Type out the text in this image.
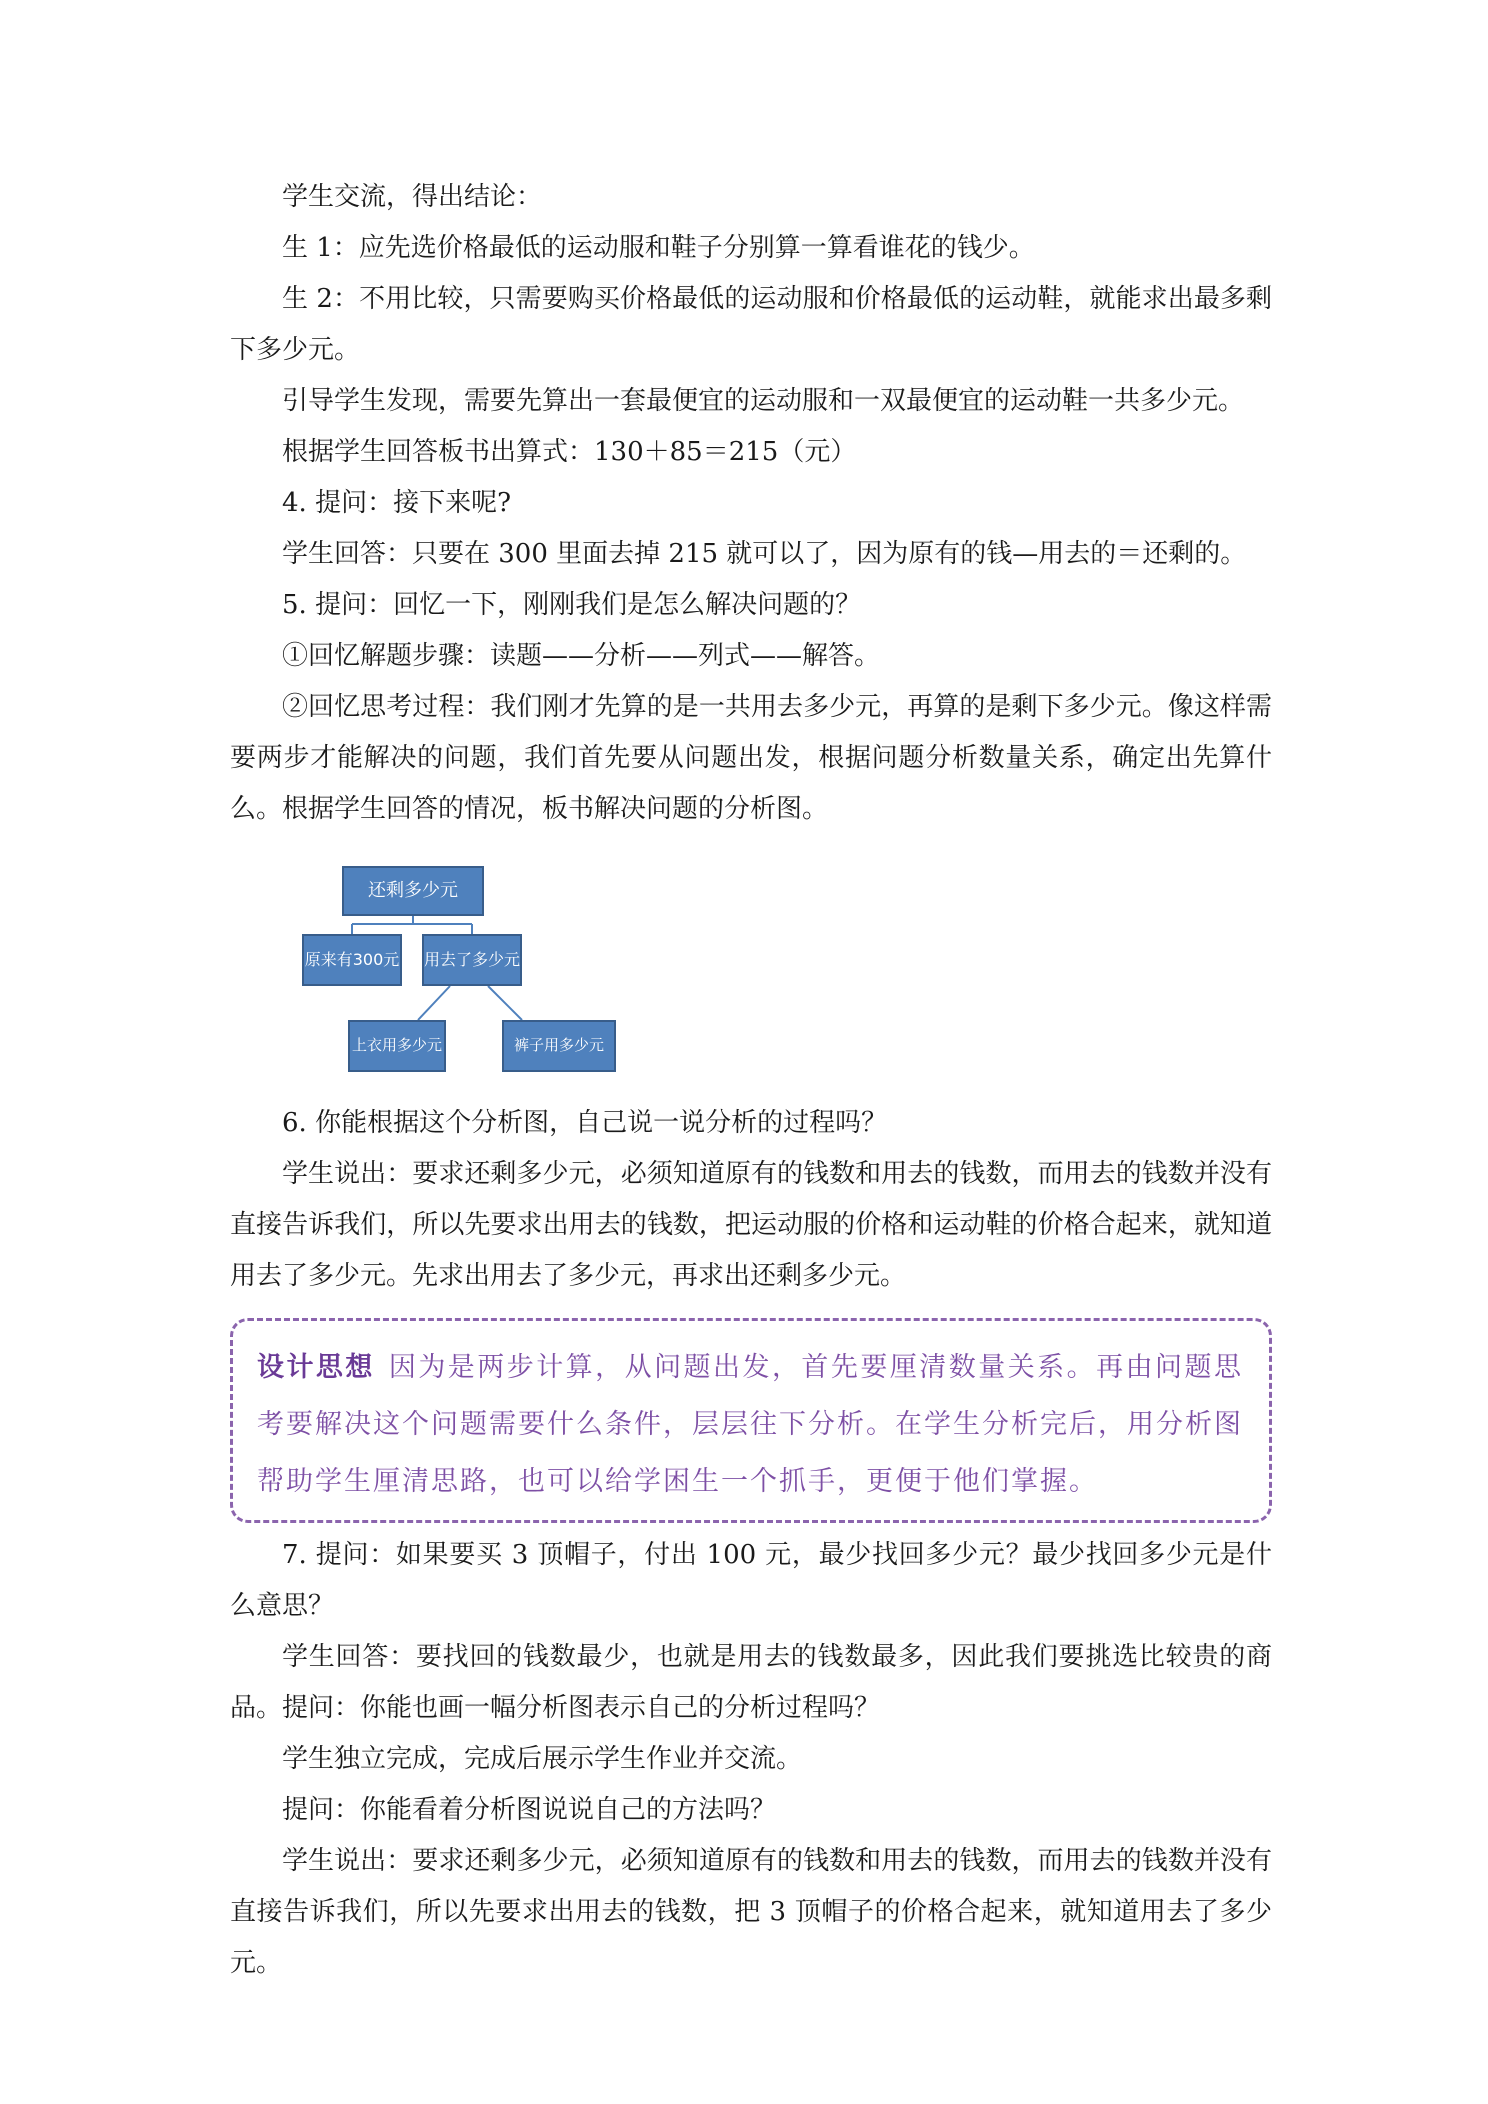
学生交流，得出结论：

生 1：应先选价格最低的运动服和鞋子分别算一算看谁花的钱少。

生 2：不用比较，只需要购买价格最低的运动服和价格最低的运动鞋，就能求出最多剩下多少元。

引导学生发现，需要先算出一套最便宜的运动服和一双最便宜的运动鞋一共多少元。

根据学生回答板书出算式：130＋85＝215（元）

4. 提问：接下来呢?

学生回答：只要在 300 里面去掉 215 就可以了，因为原有的钱—用去的＝还剩的。

5. 提问：回忆一下，刚刚我们是怎么解决问题的？

①回忆解题步骤：读题——分析——列式——解答。

②回忆思考过程：我们刚才先算的是一共用去多少元，再算的是剩下多少元。像这样需要两步才能解决的问题，我们首先要从问题出发，根据问题分析数量关系，确定出先算什么。 根据学生回答的情况，板书解决问题的分析图。

还剩多少元
原来有300元 用去了多少元
上衣用多少元	裤子用多少元

6. 你能根据这个分析图，自己说一说分析的过程吗？

学生说出：要求还剩多少元，必须知道原有的钱数和用去的钱数，而用去的钱数并没有直接告诉我们，所以先要求出用去的钱数，把运动服的价格和运动鞋的价格合起来，就知道用去了多少元。先求出用去了多少元，再求出还剩多少元。

设计思想 因为是两步计算，从问题出发，首先要厘清数量关系。再由问题思考要解决这个问题需要什么条件，层层往下分析。在学生分析完后，用分析图帮助学生厘清思路，也可以给学困生一个抓手，更便于他们掌握。

7. 提问：如果要买 3 顶帽子，付出 100 元，最少找回多少元？最少找回多少元是什么意思？

学生回答：要找回的钱数最少，也就是用去的钱数最多，因此我们要挑选比较贵的商品。 提问：你能也画一幅分析图表示自己的分析过程吗？

学生独立完成，完成后展示学生作业并交流。

提问：你能看着分析图说说自己的方法吗？

学生说出：要求还剩多少元，必须知道原有的钱数和用去的钱数，而用去的钱数并没有直接告诉我们，所以先要求出用去的钱数，把 3 顶帽子的价格合起来，就知道用去了多少元。
